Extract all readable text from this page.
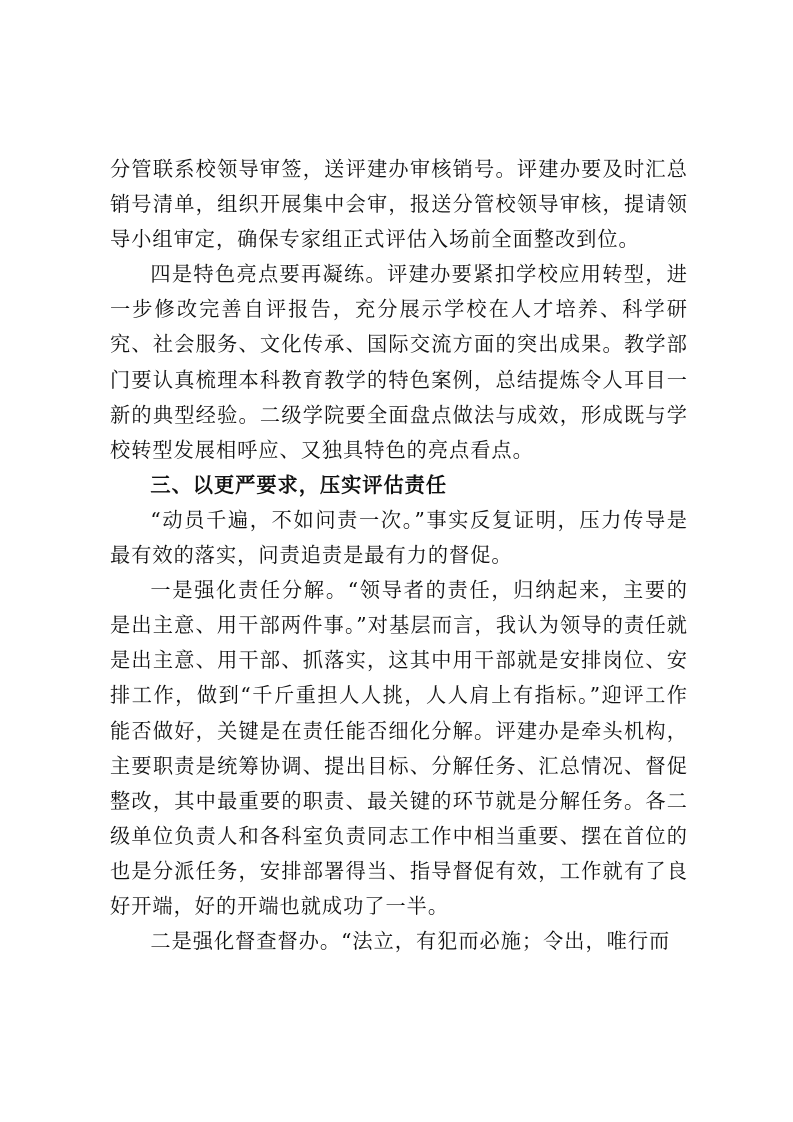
分管联系校领导审签，送评建办审核销号。评建办要及时汇总销号清单，组织开展集中会审，报送分管校领导审核，提请领导小组审定，确保专家组正式评估入场前全面整改到位。

四是特色亮点要再凝练。评建办要紧扣学校应用转型，进一步修改完善自评报告，充分展示学校在人才培养、科学研究、社会服务、文化传承、国际交流方面的突出成果。教学部门要认真梳理本科教育教学的特色案例，总结提炼令人耳目一新的典型经验。二级学院要全面盘点做法与成效，形成既与学校转型发展相呼应、又独具特色的亮点看点。

三、以更严要求，压实评估责任

“动员千遍，不如问责一次。”事实反复证明，压力传导是最有效的落实，问责追责是最有力的督促。

一是强化责任分解。“领导者的责任，归纳起来，主要的是出主意、用干部两件事。”对基层而言，我认为领导的责任就是出主意、用干部、抓落实，这其中用干部就是安排岗位、安排工作，做到“千斤重担人人挑，人人肩上有指标。”迎评工作能否做好，关键是在责任能否细化分解。评建办是牵头机构，主要职责是统筹协调、提出目标、分解任务、汇总情况、督促整改，其中最重要的职责、最关键的环节就是分解任务。各二级单位负责人和各科室负责同志工作中相当重要、摆在首位的也是分派任务，安排部署得当、指导督促有效，工作就有了良好开端，好的开端也就成功了一半。

二是强化督查督办。“法立，有犯而必施；令出，唯行而
